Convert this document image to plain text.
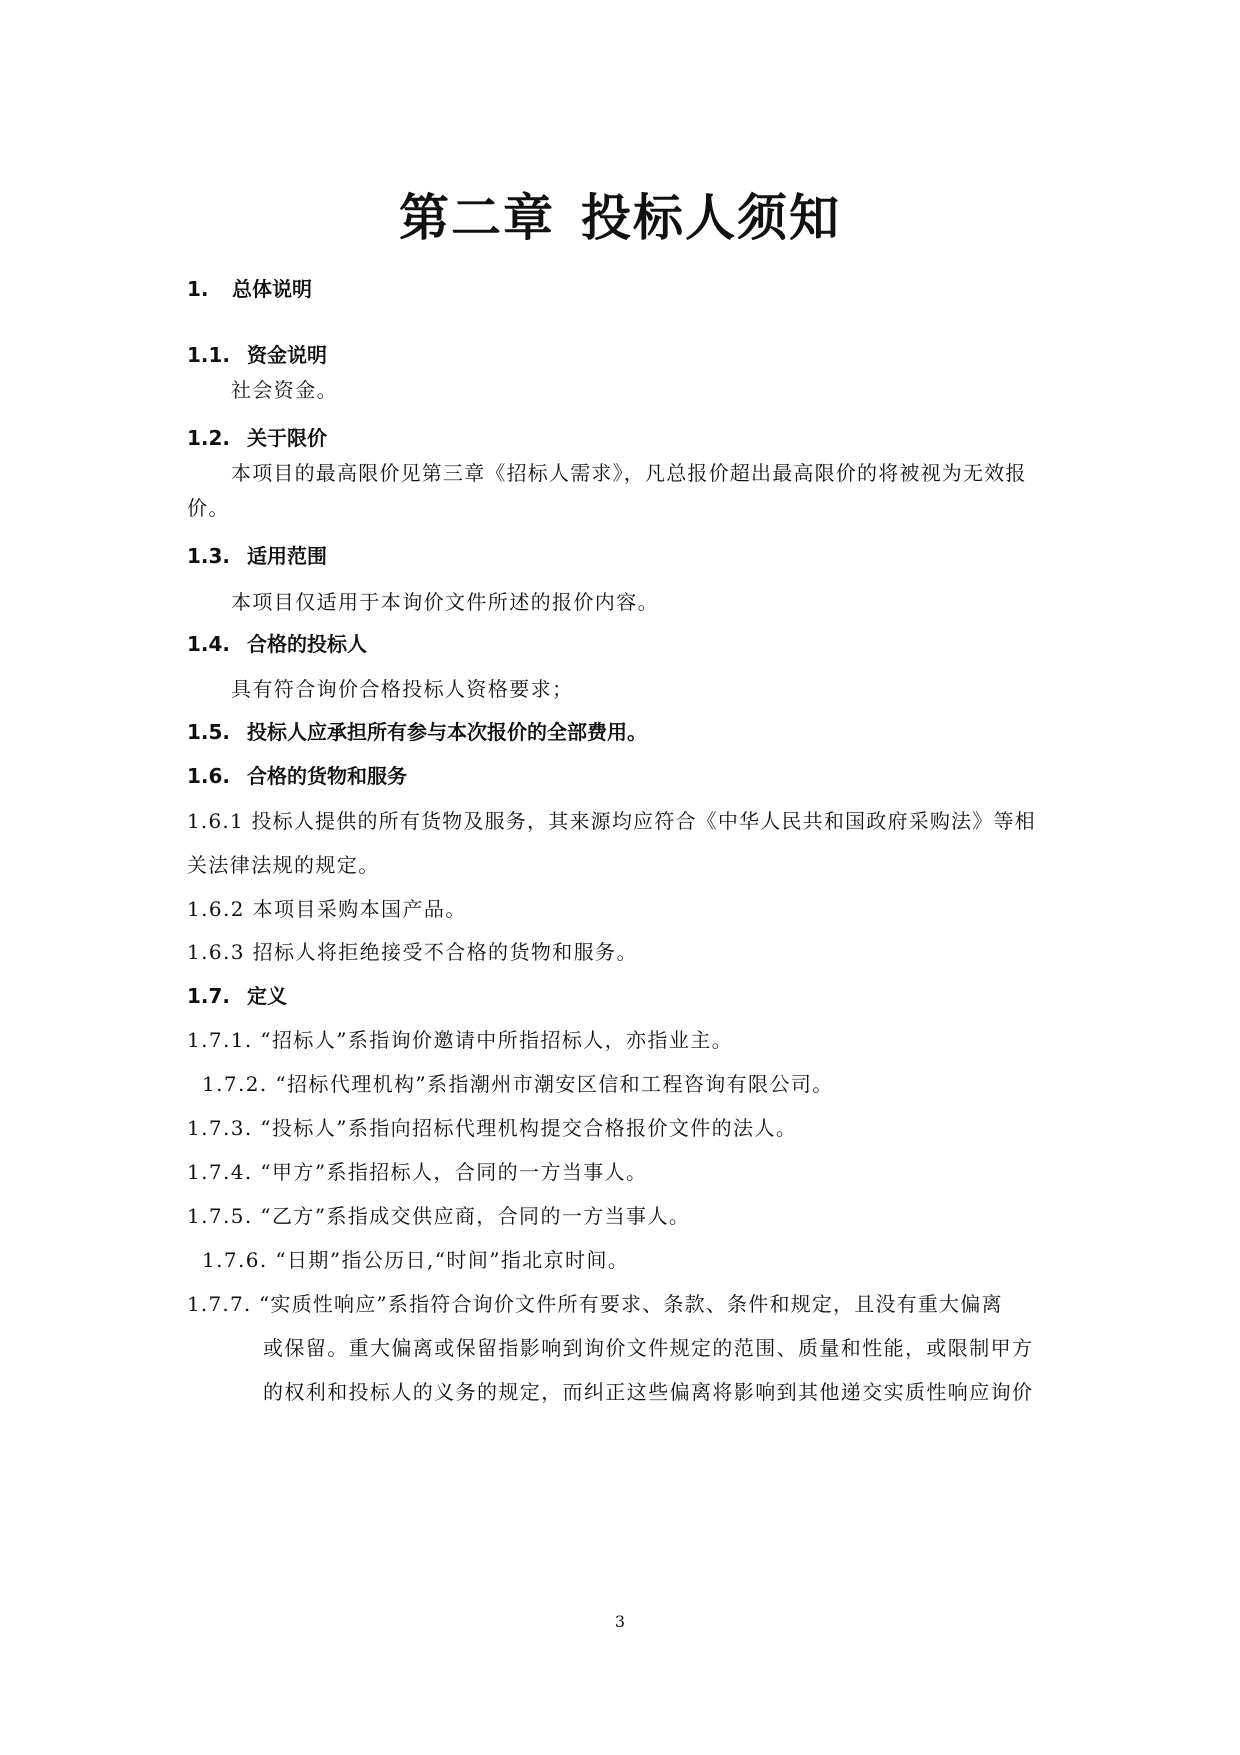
第二章 投标人须知
1. 总体说明
1.1. 资金说明
社会资金。
1.2. 关于限价
本项目的最高限价见第三章《招标人需求》，凡总报价超出最高限价的将被视为无效报
价。
1.3. 适用范围
本项目仅适用于本询价文件所述的报价内容。
1.4. 合格的投标人
具有符合询价合格投标人资格要求；
1.5. 投标人应承担所有参与本次报价的全部费用。
1.6. 合格的货物和服务
1.6.1 投标人提供的所有货物及服务，其来源均应符合《中华人民共和国政府采购法》等相
关法律法规的规定。
1.6.2 本项目采购本国产品。
1.6.3 招标人将拒绝接受不合格的货物和服务。
1.7. 定义
1.7.1. “招标人”系指询价邀请中所指招标人，亦指业主。
1.7.2. “招标代理机构”系指潮州市潮安区信和工程咨询有限公司。
1.7.3. “投标人”系指向招标代理机构提交合格报价文件的法人。
1.7.4. “甲方”系指招标人，合同的一方当事人。
1.7.5. “乙方”系指成交供应商，合同的一方当事人。
1.7.6. “日期”指公历日,“时间”指北京时间。
1.7.7. “实质性响应”系指符合询价文件所有要求、条款、条件和规定，且没有重大偏离
或保留。重大偏离或保留指影响到询价文件规定的范围、质量和性能，或限制甲方
的权利和投标人的义务的规定，而纠正这些偏离将影响到其他递交实质性响应询价
3
